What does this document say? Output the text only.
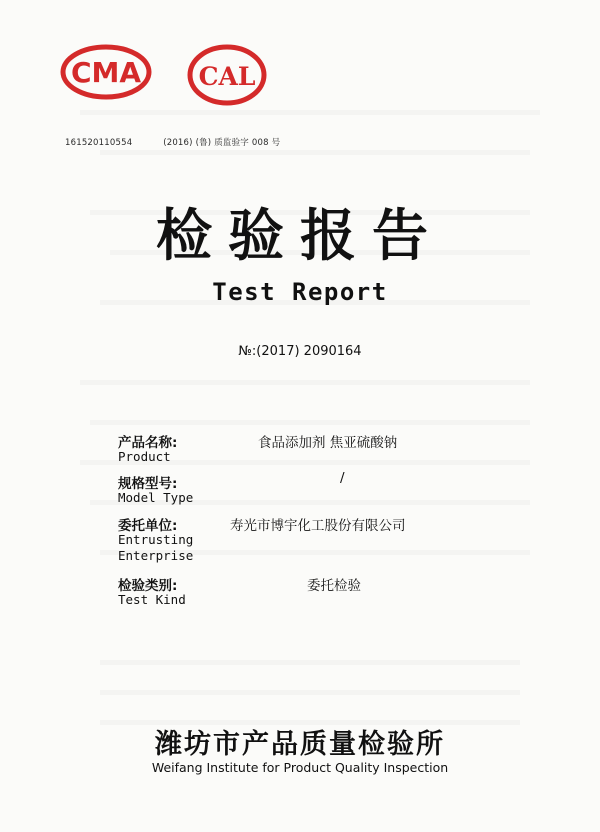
CMA CAL
161520110554	(2016) (鲁) 质监验字 008 号
检验报告
Test Report
№:(2017) 2090164
产品名称:	食品添加剂 焦亚硫酸钠
Product
规格型号:	/
Model Type
委托单位:	寿光市博宇化工股份有限公司
Entrusting
Enterprise
检验类别:	委托检验
Test Kind
潍坊市产品质量检验所
Weifang Institute for Product Quality Inspection
